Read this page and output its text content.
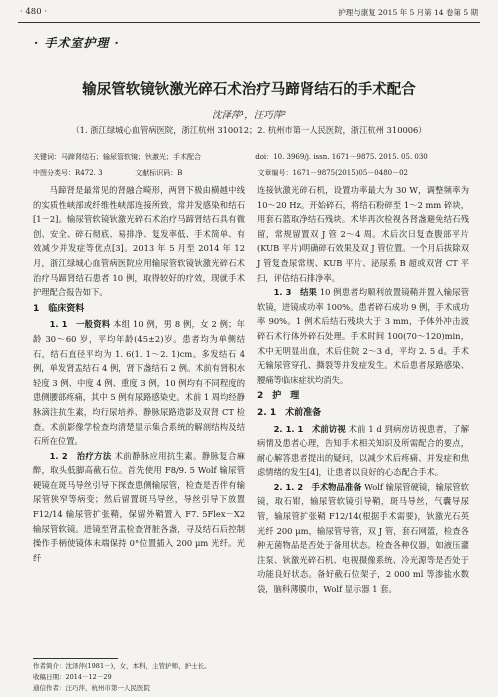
· 480 ·	护理与康复 2015 年 5 月第 14 卷第 5 期
· 手术室护理 ·
输尿管软镜钬激光碎石术治疗马蹄肾结石的手术配合
沈泽萍¹，汪巧萍²
（1. 浙江绿城心血管病医院，浙江杭州 310012；2. 杭州市第一人民医院，浙江杭州 310006）
关键词：马蹄肾结石；输尿管软镜；钬激光；手术配合	doi：10. 3969/j. issn. 1671－9875. 2015. 05. 030
中图分类号：R472. 3	文献标识码：B	文章编号：1671－9875(2015)05－0480－02

马蹄肾是最常见的肾融合畸形，两肾下极由横越中线的实质性峡部或纤维性峡部连接所致，常并发感染和结石[1－2]。输尿管软镜钬激光碎石术治疗马蹄肾结石具有微创、安全、碎石彻底、易排净、复发率低、手术简单、有效减少并发症等优点[3]。2013 年 5 月至 2014 年 12 月，浙江绿城心血管病医院应用输尿管软镜钬激光碎石术治疗马蹄肾结石患者 10 例，取得较好的疗效，现就手术护理配合报告如下。

1　临床资料

1. 1　一般资料 本组 10 例，男 8 例，女 2 例；年龄 30～60 岁，平均年龄(45±2)岁。患者均为单侧结石，结石直径平均为 1. 6(1. 1～2. 1)cm。多发结石 4 例，单发肾盂结石 4 例，肾下盏结石 2 例。术前有肾积水轻度 3 例、中度 4 例、重度 3 例，10 例均有不同程度的患侧腰部疼痛，其中 5 例有尿路感染史。术前 1 周均经静脉滴注抗生素，均行尿培养、静脉尿路造影及双肾 CT 检查。术前影像学检查均清楚显示集合系统的解剖结构及结石所在位置。

1. 2　治疗方法 术前静脉应用抗生素。静脉复合麻醉，取头低脚高截石位。首先使用 F8/9. 5 Wolf 输尿管硬镜在斑马导丝引导下探查患侧输尿管，检查是否伴有输尿管狭窄等病变；然后留置斑马导丝，导丝引导下放置 F12/14 输尿管扩张鞘，保留外鞘置入 F7. 5Flex－X2 输尿管软镜。进镜至肾盂检查肾脏各盏，寻及结石后控制操作手柄使镜体末端保持 0°位置插入 200 μm 光纤。光纤

连接钬激光碎石机，设置功率最大为 30 W，调整频率为 10～20 Hz。开始碎石，将结石粉碎至 1～2 mm 碎块，用套石篮取净结石残块。术毕再次检视各肾盏避免结石残留，常规留置双 J 管 2～4 周。术后次日复查腹部平片(KUB 平片)明确碎石效果及双 J 管位置。一个月后拔除双 J 管复查尿常规、KUB 平片、泌尿系 B 超或双肾 CT 平扫，评估结石排净率。

1. 3　结果 10 例患者均顺利放置镜鞘并置入输尿管软镜，进镜成功率 100%。患者碎石成功 9 例，手术成功率 90%。1 例术后结石残块大于 3 mm，予体外冲击波碎石术行体外碎石处理。手术时间 100(70～120)min，术中无明显出血，术后住院 2～3 d，平均 2. 5 d。手术无输尿管穿孔、撕裂等并发症发生。术后患者尿路感染、腰痛等临床症状均消失。

2　护　理
2. 1　术前准备

2. 1. 1　术前访视 术前 1 d 到病房访视患者，了解病情及患者心理，告知手术相关知识及所需配合的要点，耐心解答患者提出的疑问，以减少术后疼痛、并发症和焦虑情绪的发生[4]，让患者以良好的心态配合手术。

2. 1. 2　手术物品准备 Wolf 输尿管硬镜，输尿管软镜，取石钳，输尿管软镜引导鞘，斑马导丝，气囊导尿管，输尿管扩张鞘 F12/14(根据手术需要)，钬激光石英光纤 200 μm，输尿管导管，双 J 管，套石网篮，检查各种无菌物品是否处于备用状态。检查各种仪器，如液压灌注泵、钬激光碎石机、电视摄像系统、冷光源等是否处于功能良好状态。备好截石位架子，2 000 ml 等渗盐水数袋，脑科薄膜巾，Wolf 显示器 1 套。

作者简介：沈泽萍(1981－)，女，本科，主管护师，护士长。
收稿日期：2014－12－29
通信作者：汪巧萍，杭州市第一人民医院
